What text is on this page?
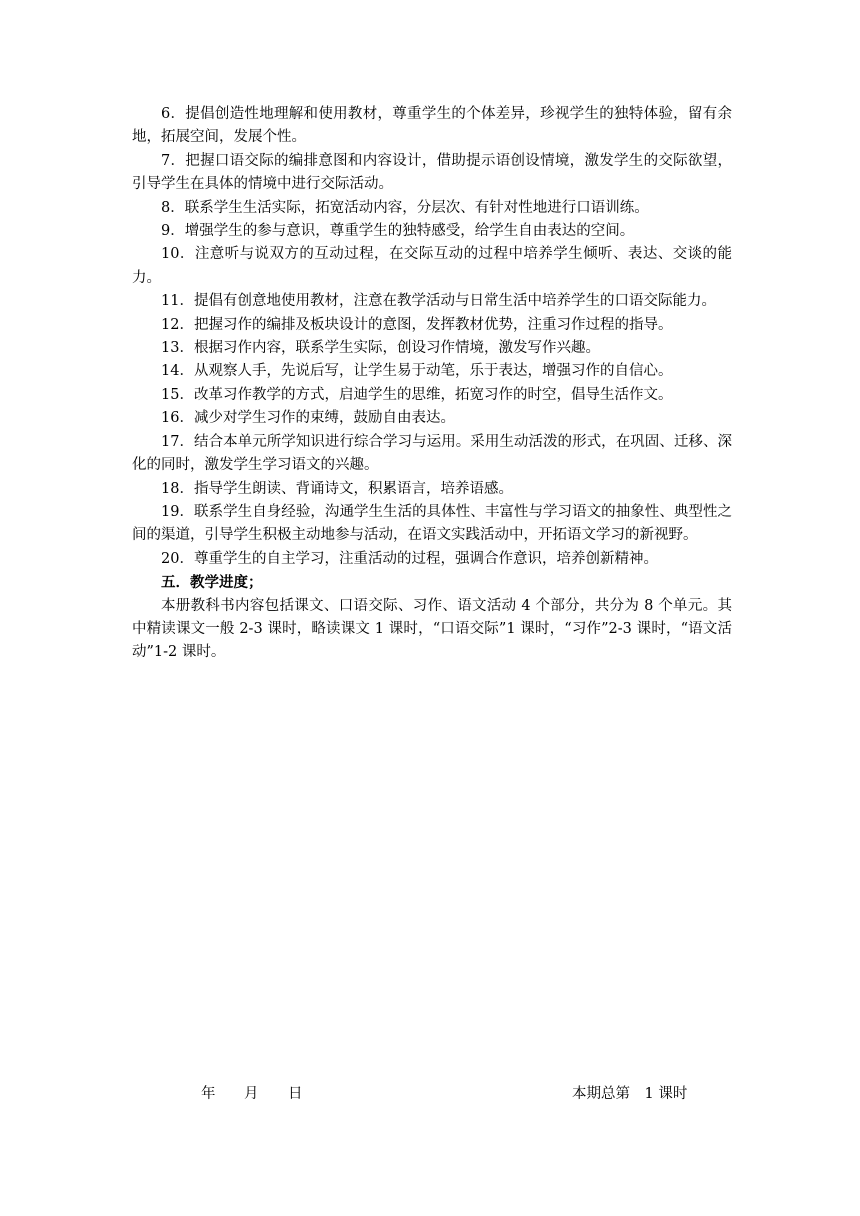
6．提倡创造性地理解和使用教材，尊重学生的个体差异，珍视学生的独特体验，留有余地，拓展空间，发展个性。

7．把握口语交际的编排意图和内容设计，借助提示语创设情境，激发学生的交际欲望，引导学生在具体的情境中进行交际活动。

8．联系学生生活实际，拓宽活动内容，分层次、有针对性地进行口语训练。

9．增强学生的参与意识，尊重学生的独特感受，给学生自由表达的空间。

10．注意听与说双方的互动过程，在交际互动的过程中培养学生倾听、表达、交谈的能力。

11．提倡有创意地使用教材，注意在教学活动与日常生活中培养学生的口语交际能力。

12．把握习作的编排及板块设计的意图，发挥教材优势，注重习作过程的指导。

13．根据习作内容，联系学生实际，创设习作情境，激发写作兴趣。

14．从观察人手，先说后写，让学生易于动笔，乐于表达，增强习作的自信心。

15．改革习作教学的方式，启迪学生的思维，拓宽习作的时空，倡导生活作文。

16．减少对学生习作的束缚，鼓励自由表达。

17．结合本单元所学知识进行综合学习与运用。采用生动活泼的形式，在巩固、迁移、深化的同时，激发学生学习语文的兴趣。

18．指导学生朗读、背诵诗文，积累语言，培养语感。

19．联系学生自身经验，沟通学生生活的具体性、丰富性与学习语文的抽象性、典型性之间的渠道，引导学生积极主动地参与活动，在语文实践活动中，开拓语文学习的新视野。

20．尊重学生的自主学习，注重活动的过程，强调合作意识，培养创新精神。

五．教学进度；

本册教科书内容包括课文、口语交际、习作、语文活动 4 个部分，共分为 8 个单元。其中精读课文一般 2-3 课时，略读课文 1 课时，“口语交际”1 课时，“习作”2-3 课时，“语文活动”1-2 课时。

年 月 日	本期总第　1 课时
